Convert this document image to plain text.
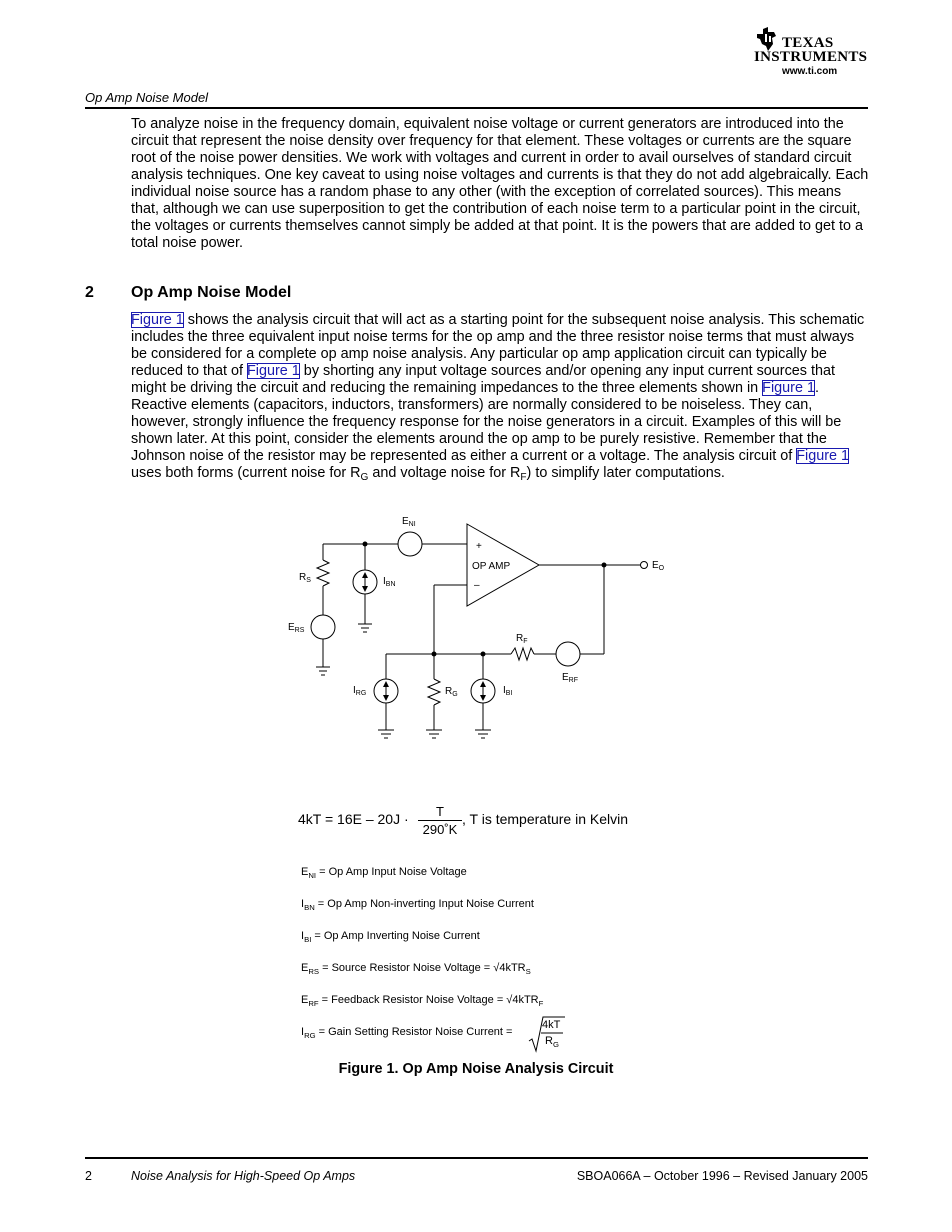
TEXAS
INSTRUMENTS
www.ti.com
Op Amp Noise Model

To analyze noise in the frequency domain, equivalent noise voltage or current generators are introduced into the circuit that represent the noise density over frequency for that element. These voltages or currents are the square root of the noise power densities. We work with voltages and current in order to avail ourselves of standard circuit analysis techniques. One key caveat to using noise voltages and currents is that they do not add algebraically. Each individual noise source has a random phase to any other (with the exception of correlated sources). This means that, although we can use superposition to get the contribution of each noise term to a particular point in the circuit, the voltages or currents themselves cannot simply be added at that point. It is the powers that are added to get to a total noise power.

2 Op Amp Noise Model

Figure 1 shows the analysis circuit that will act as a starting point for the subsequent noise analysis. This schematic includes the three equivalent input noise terms for the op amp and the three resistor noise terms that must always be considered for a complete op amp noise analysis. Any particular op amp application circuit can typically be reduced to that of Figure 1 by shorting any input voltage sources and/or opening any input current sources that might be driving the circuit and reducing the remaining impedances to the three elements shown in Figure 1. Reactive elements (capacitors, inductors, transformers) are normally considered to be noiseless. They can, however, strongly influence the frequency response for the noise generators in a circuit. Examples of this will be shown later. At this point, consider the elements around the op amp to be purely resistive. Remember that the Johnson noise of the resistor may be represented as either a current or a voltage. The analysis circuit of Figure 1 uses both forms (current noise for $R_G$ and voltage noise for $R_F$) to simplify later computations.

+
–
OP AMP
$E_{NI}$
$R_S$	$I_{BN}$
$E_{RS}$
$E_O$
$R_F$
$E_{RF}$
$I_{RG}$	$R_G$	$I_{BI}$
4kT = 16E – 20J ·	T
290˚K
, T is temperature in Kelvin
$E_{NI} = Op$ Amp Input Noise Voltage
$I_{BN} = Op$ Amp Non-inverting Input Noise Current
$I_{BI} = Op$ Amp Inverting Noise Current
$E_{RS}$ = Source Resistor Noise Voltage = √4kTR$_S$
$E_{RF}$ = Feedback Resistor Noise Voltage = √4kTR$_F$
$I_{RG}$ = Gain Setting Resistor Noise Current =
4kT
$R_G$
Figure 1. Op Amp Noise Analysis Circuit
2	Noise Analysis for High-Speed Op Amps	SBOA066A – October 1996 – Revised January 2005
